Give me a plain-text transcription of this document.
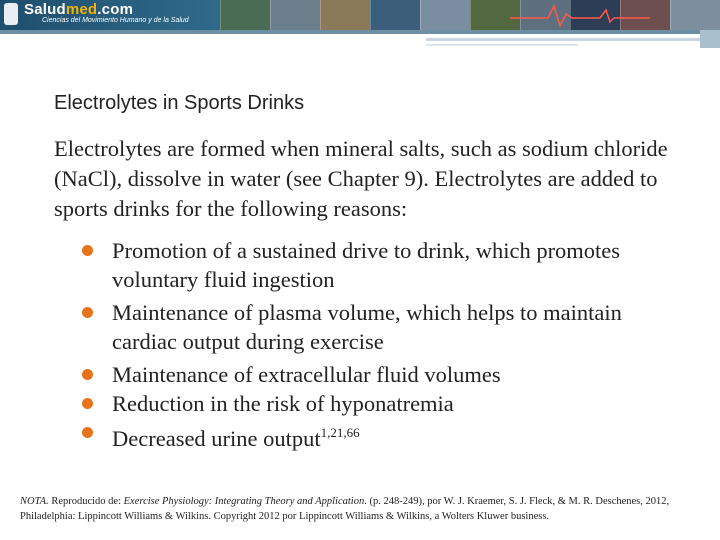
Saludmed.com
Ciencias del Movimiento Humano y de la Salud
Electrolytes in Sports Drinks
Electrolytes are formed when mineral salts, such as sodium chloride (NaCl), dissolve in water (see Chapter 9). Electrolytes are added to sports drinks for the following reasons:
Promotion of a sustained drive to drink, which promotes voluntary fluid ingestion
Maintenance of plasma volume, which helps to maintain cardiac output during exercise
Maintenance of extracellular fluid volumes
Reduction in the risk of hyponatremia
Decreased urine output$^{1,21,66}$
NOTA. Reproducido de: Exercise Physiology: Integrating Theory and Application. (p. 248-249), por W. J. Kraemer, S. J. Fleck, & M. R. Deschenes, 2012, Philadelphia: Lippincott Williams & Wilkins. Copyright 2012 por Lippincott Williams & Wilkins, a Wolters Kluwer business.
